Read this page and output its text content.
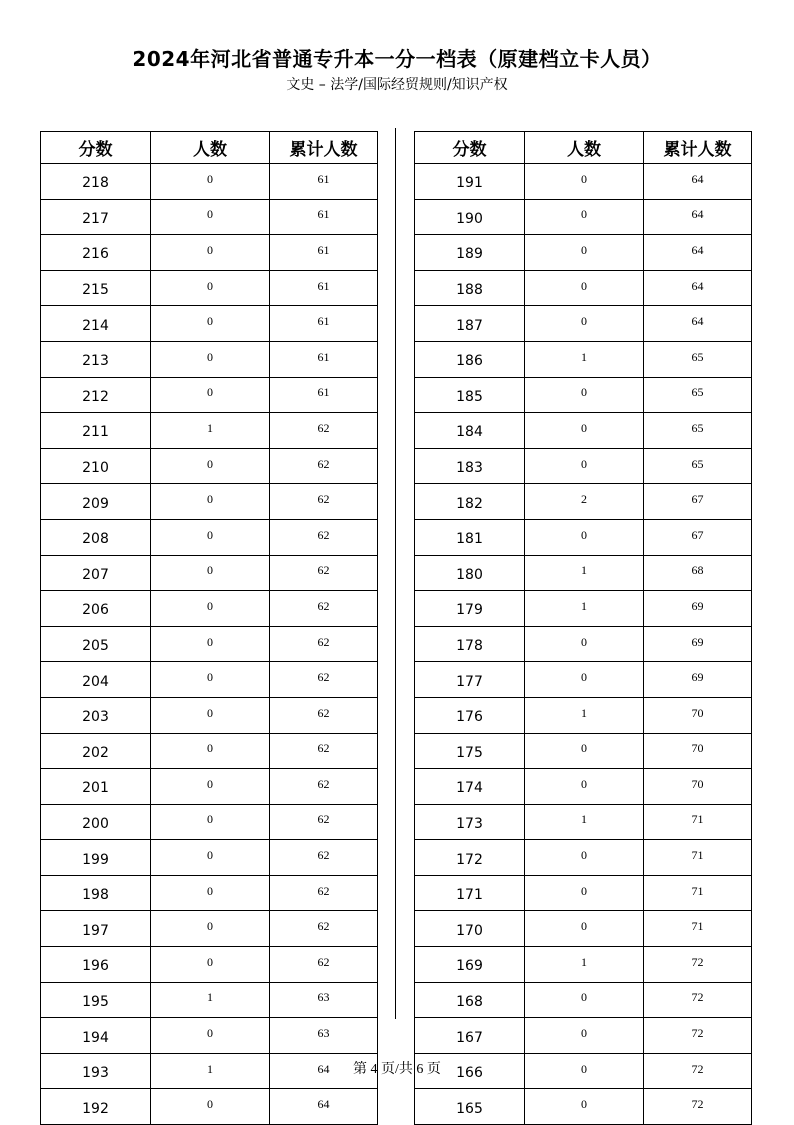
2024年河北省普通专升本一分一档表（原建档立卡人员）
文史 – 法学/国际经贸规则/知识产权
分数	人数	累计人数
218	0	61
217	0	61
216	0	61
215	0	61
214	0	61
213	0	61
212	0	61
211	1	62
210	0	62
209	0	62
208	0	62
207	0	62
206	0	62
205	0	62
204	0	62
203	0	62
202	0	62
201	0	62
200	0	62
199	0	62
198	0	62
197	0	62
196	0	62
195	1	63
194	0	63
193	1	64
192	0	64
分数	人数	累计人数
191	0	64
190	0	64
189	0	64
188	0	64
187	0	64
186	1	65
185	0	65
184	0	65
183	0	65
182	2	67
181	0	67
180	1	68
179	1	69
178	0	69
177	0	69
176	1	70
175	0	70
174	0	70
173	1	71
172	0	71
171	0	71
170	0	71
169	1	72
168	0	72
167	0	72
166	0	72
165	0	72
第 4 页/共 6 页
